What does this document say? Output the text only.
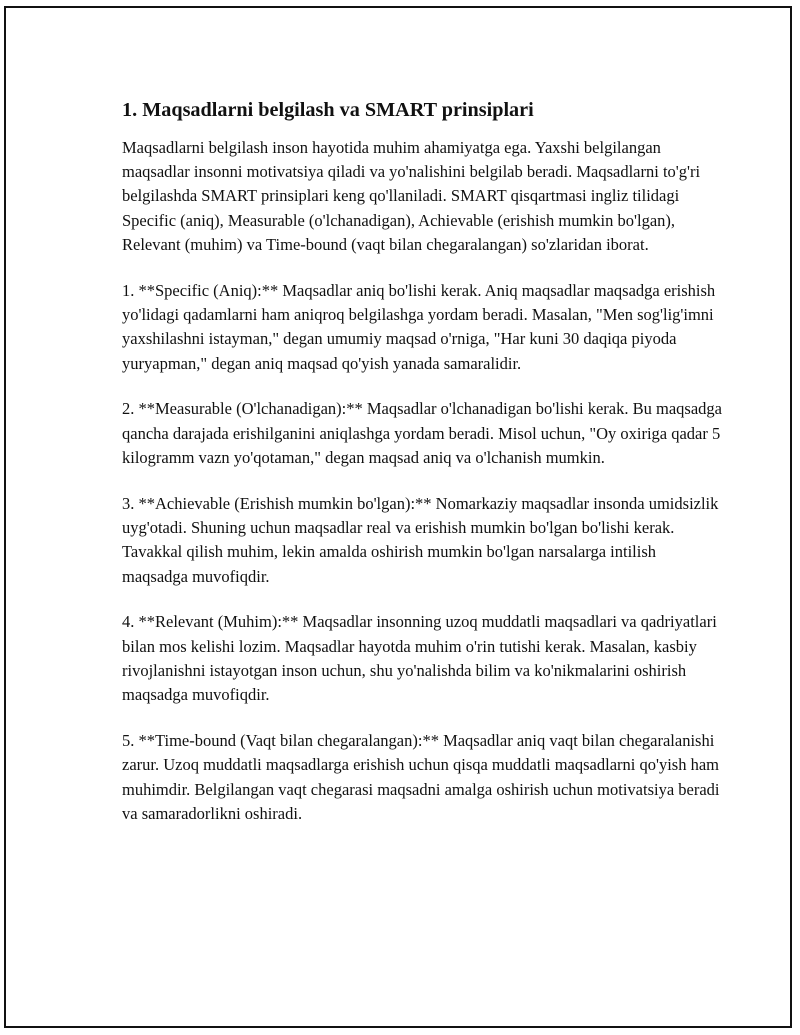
1. Maqsadlarni belgilash va SMART prinsiplari

Maqsadlarni belgilash inson hayotida muhim ahamiyatga ega. Yaxshi belgilangan maqsadlar insonni motivatsiya qiladi va yo'nalishini belgilab beradi. Maqsadlarni to'g'ri belgilashda SMART prinsiplari keng qo'llaniladi. SMART qisqartmasi ingliz tilidagi Specific (aniq), Measurable (o'lchanadigan), Achievable (erishish mumkin bo'lgan), Relevant (muhim) va Time-bound (vaqt bilan chegaralangan) so'zlaridan iborat.

1. **Specific (Aniq):** Maqsadlar aniq bo'lishi kerak. Aniq maqsadlar maqsadga erishish yo'lidagi qadamlarni ham aniqroq belgilashga yordam beradi. Masalan, "Men sog'lig'imni yaxshilashni istayman," degan umumiy maqsad o'rniga, "Har kuni 30 daqiqa piyoda yuryapman," degan aniq maqsad qo'yish yanada samaralidir.

2. **Measurable (O'lchanadigan):** Maqsadlar o'lchanadigan bo'lishi kerak. Bu maqsadga qancha darajada erishilganini aniqlashga yordam beradi. Misol uchun, "Oy oxiriga qadar 5 kilogramm vazn yo'qotaman," degan maqsad aniq va o'lchanish mumkin.

3. **Achievable (Erishish mumkin bo'lgan):** Nomarkaziy maqsadlar insonda umidsizlik uyg'otadi. Shuning uchun maqsadlar real va erishish mumkin bo'lgan bo'lishi kerak. Tavakkal qilish muhim, lekin amalda oshirish mumkin bo'lgan narsalarga intilish maqsadga muvofiqdir.

4. **Relevant (Muhim):** Maqsadlar insonning uzoq muddatli maqsadlari va qadriyatlari bilan mos kelishi lozim. Maqsadlar hayotda muhim o'rin tutishi kerak. Masalan, kasbiy rivojlanishni istayotgan inson uchun, shu yo'nalishda bilim va ko'nikmalarini oshirish maqsadga muvofiqdir.

5. **Time-bound (Vaqt bilan chegaralangan):** Maqsadlar aniq vaqt bilan chegaralanishi zarur. Uzoq muddatli maqsadlarga erishish uchun qisqa muddatli maqsadlarni qo'yish ham muhimdir. Belgilangan vaqt chegarasi maqsadni amalga oshirish uchun motivatsiya beradi va samaradorlikni oshiradi.
